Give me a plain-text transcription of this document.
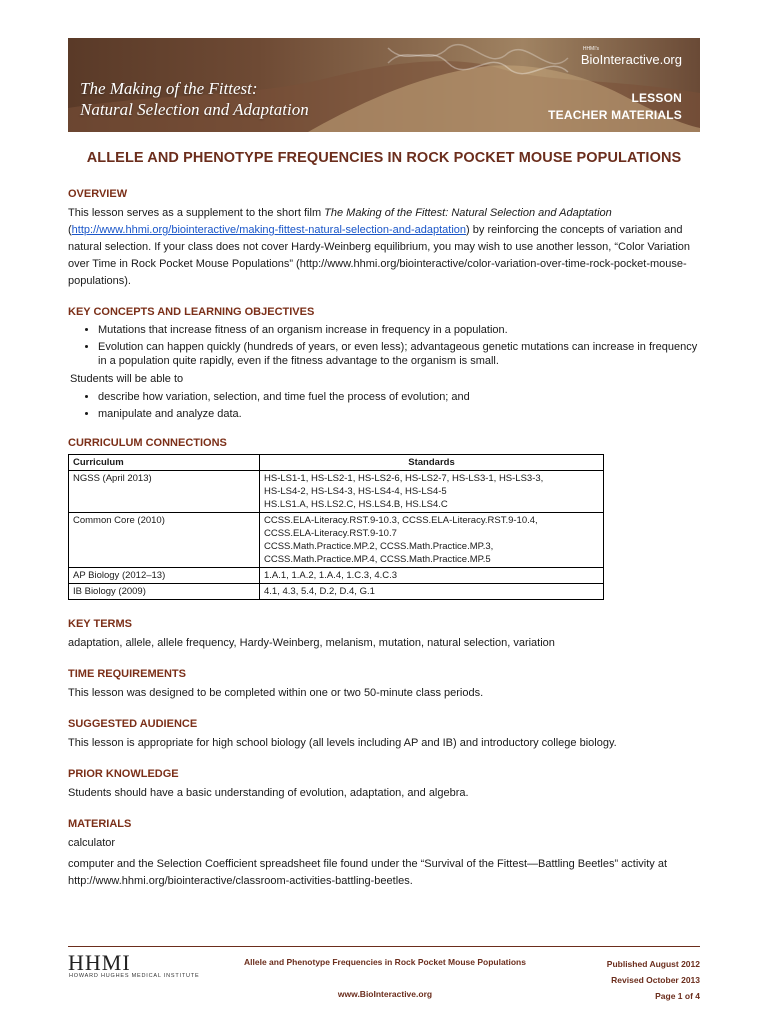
The Making of the Fittest:
Natural Selection and Adaptation
HHMI's
BioInteractive.org
LESSON
TEACHER MATERIALS
ALLELE AND PHENOTYPE FREQUENCIES IN ROCK POCKET MOUSE POPULATIONS
OVERVIEW

This lesson serves as a supplement to the short film The Making of the Fittest: Natural Selection and Adaptation (http://www.hhmi.org/biointeractive/making-fittest-natural-selection-and-adaptation) by reinforcing the concepts of variation and natural selection. If your class does not cover Hardy-Weinberg equilibrium, you may wish to use another lesson, “Color Variation over Time in Rock Pocket Mouse Populations” (http://www.hhmi.org/biointeractive/color-variation-over-time-rock-pocket-mouse-populations).

KEY CONCEPTS AND LEARNING OBJECTIVES
• Mutations that increase fitness of an organism increase in frequency in a population.
• Evolution can happen quickly (hundreds of years, or even less); advantageous genetic mutations can increase in frequency in a population quite rapidly, even if the fitness advantage to the organism is small.

Students will be able to

• describe how variation, selection, and time fuel the process of evolution; and
• manipulate and analyze data.
CURRICULUM CONNECTIONS
Curriculum	Standards
NGSS (April 2013)	HS-LS1-1, HS-LS2-1, HS-LS2-6, HS-LS2-7, HS-LS3-1, HS-LS3-3,
HS-LS4-2, HS-LS4-3, HS-LS4-4, HS-LS4-5
HS.LS1.A, HS.LS2.C, HS.LS4.B, HS.LS4.C

Common Core (2010)	CCSS.ELA-Literacy.RST.9-10.3, CCSS.ELA-Literacy.RST.9-10.4,
CCSS.ELA-Literacy.RST.9-10.7
CCSS.Math.Practice.MP.2, CCSS.Math.Practice.MP.3,
CCSS.Math.Practice.MP.4, CCSS.Math.Practice.MP.5

AP Biology (2012–13)	1.A.1, 1.A.2, 1.A.4, 1.C.3, 4.C.3

IB Biology (2009)	4.1, 4.3, 5.4, D.2, D.4, G.1
KEY TERMS

adaptation, allele, allele frequency, Hardy-Weinberg, melanism, mutation, natural selection, variation

TIME REQUIREMENTS

This lesson was designed to be completed within one or two 50-minute class periods.

SUGGESTED AUDIENCE

This lesson is appropriate for high school biology (all levels including AP and IB) and introductory college biology.

PRIOR KNOWLEDGE

Students should have a basic understanding of evolution, adaptation, and algebra.

MATERIALS

calculator

computer and the Selection Coefficient spreadsheet file found under the “Survival of the Fittest—Battling Beetles” activity at http://www.hhmi.org/biointeractive/classroom-activities-battling-beetles.

HHMI
HOWARD HUGHES MEDICAL INSTITUTE
Allele and Phenotype Frequencies in Rock Pocket Mouse Populations
www.BioInteractive.org
Published August 2012
Revised October 2013
Page 1 of 4
